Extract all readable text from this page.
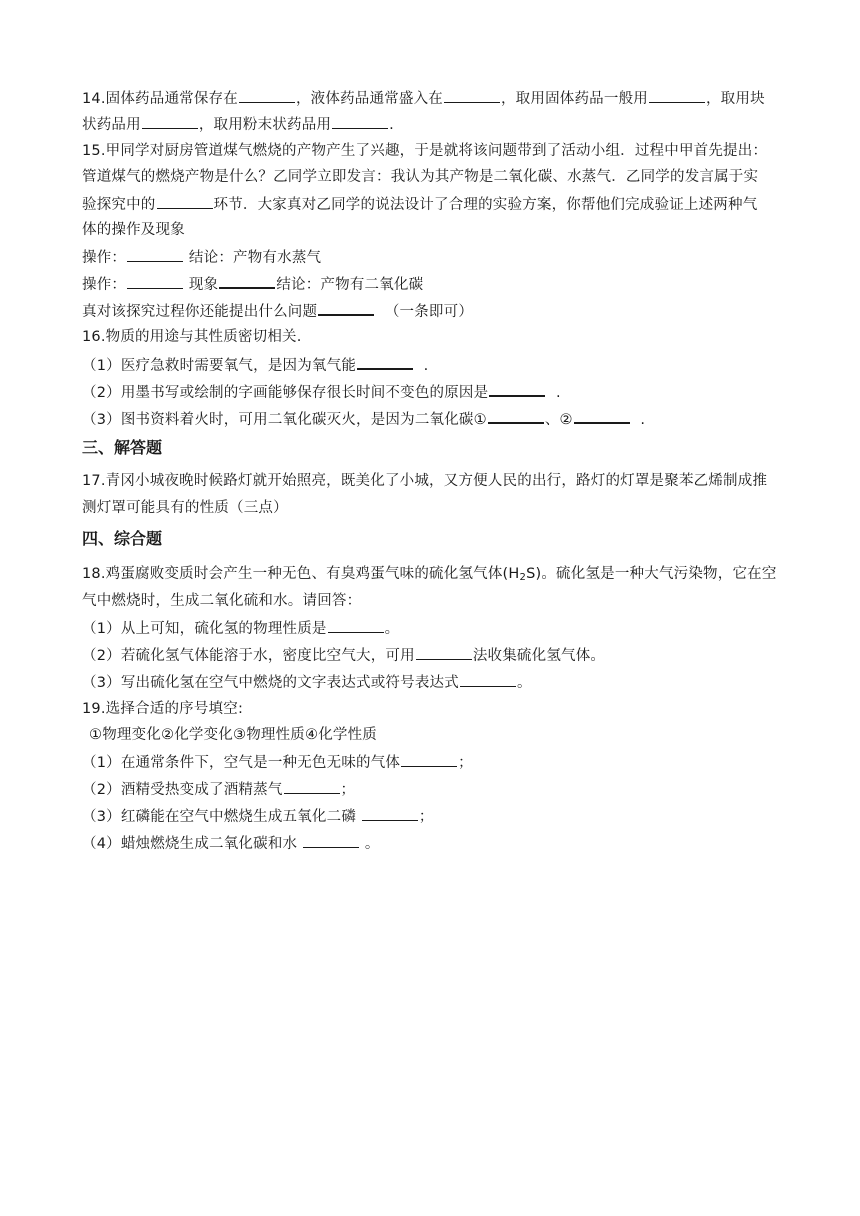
14.固体药品通常保存在	，液体药品通常盛入在	，取用固体药品一般用	，取用块
状药品用	，取用粉末状药品用	.
15.甲同学对厨房管道煤气燃烧的产物产生了兴趣，于是就将该问题带到了活动小组．过程中甲首先提出：
管道煤气的燃烧产物是什么？乙同学立即发言：我认为其产物是二氧化碳、水蒸气．乙同学的发言属于实
验探究中的	环节．大家真对乙同学的说法设计了合理的实验方案，你帮他们完成验证上述两种气
体的操作及现象
操作：	结论：产物有水蒸气
操作：	现象	结论：产物有二氧化碳
真对该探究过程你还能提出什么问题	（一条即可）
16.物质的用途与其性质密切相关.
（1）医疗急救时需要氧气，是因为氧气能	.
（2）用墨书写或绘制的字画能够保存很长时间不变色的原因是	.
（3）图书资料着火时，可用二氧化碳灭火，是因为二氧化碳①	、②	.
三、解答题
17.青冈小城夜晚时候路灯就开始照亮，既美化了小城，又方便人民的出行，路灯的灯罩是聚苯乙烯制成推
测灯罩可能具有的性质（三点）
四、综合题
18.鸡蛋腐败变质时会产生一种无色、有臭鸡蛋气味的硫化氢气体$(H_2S)$。硫化氢是一种大气污染物，它在空
气中燃烧时，生成二氧化硫和水。请回答：
（1）从上可知，硫化氢的物理性质是	。
（2）若硫化氢气体能溶于水，密度比空气大，可用	法收集硫化氢气体。
（3）写出硫化氢在空气中燃烧的文字表达式或符号表达式	。
19.选择合适的序号填空:
①物理变化②化学变化③物理性质④化学性质
（1）在通常条件下，空气是一种无色无味的气体	；
（2）酒精受热变成了酒精蒸气	；
（3）红磷能在空气中燃烧生成五氧化二磷	；
（4）蜡烛燃烧生成二氧化碳和水	。
